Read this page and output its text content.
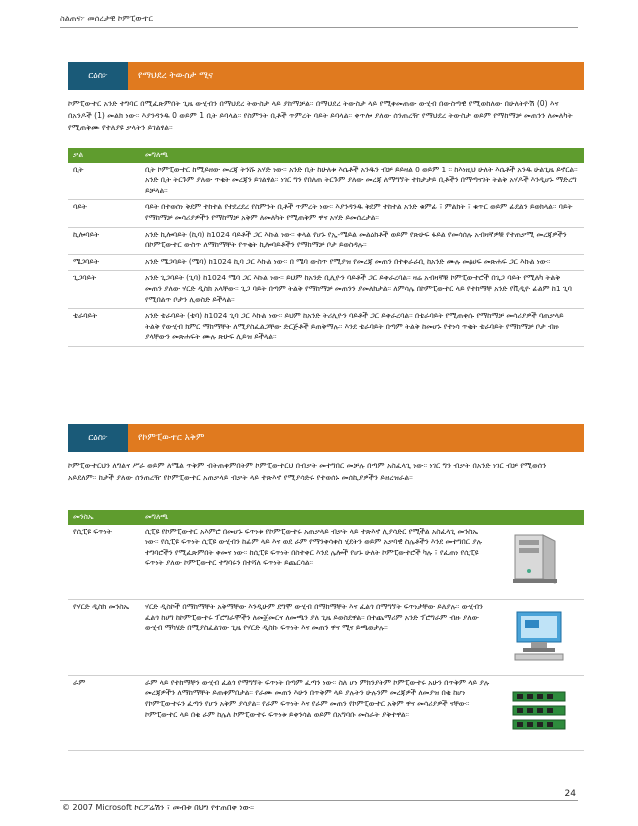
ስልጠና፦ መሰረታዊ ኮምፒውተር
ርዕስ፦	የማህደረ ትውስታ ሚና
ኮምፒውተር አንድ ተግባር በሚፈጽምበት ጊዜ ውሂብን በማህደረ ትውስታ ላይ ያከማቻል። በማህደረ ትውስታ ላይ የሚቀመጠው ውሂብ በውስጣዊ የሚወከለው በሁለትዮሽ (0) እና በአንዶች (1) መልክ ነው። እያንዳንዱ 0 ወይም 1 ቢት ይባላል። የስምንት ቢቶች ጥምረት ባይት ይባላል። ቀጥሎ ያለው ሰንጠረዥ የማህደረ ትውስታ ወይም የማከማቻ መጠንን ለመለካት የሚጠቅሙ የተለያዩ ቃላትን ይገልፃል።
ቃል	መግለጫ
ቢት	ቢት ኮምፒውተር ከሚይዘው መረጃ ትንሹ አሃድ ነው። አንድ ቢት ከሁለቱ እሴቶች አንዱን ብቻ ይይዛል 0 ወይም 1 ። ከእነዚህ ሁለት እሴቶች አንዱ ሁልጊዜ ይኖርል። አንድ ቢት ትርጉም ያለው ጥቂት መረጃን ይገልፃል። ነገር ግን የበለጠ ትርጉም ያለው መረጃ ለማግኘት ተከታታይ ቢቶችን በማጣናገት ትልቅ አሃዶች እንዲሆኑ ማድረግ ይቻላል።
ባይት	ባይት በተወሰነ ቅደም ተከተል የተደረደረ የስምንት ቢቶች ጥምረት ነው። እያንዳንዱ ቅደም ተከተል አንድ ቁምፊ ፣ ምልክት ፣ ቁጥር ወይም ፊደልን ይወክላል። ባይት የማከማቻ መሳሪያዎችን የማከማቻ አቅም ለመለካት የሚጠቅም ዋና አሃድ ይመሰረታል።
ኪሎባይት	አንድ ኪሎባይት (ኪባ) ከ1024 ባይቶች ጋር እኩል ነው። ቀላል የሆኑ የኢ-ሜይል መልዕክቶች ወይም የጽሁፍ ፋይል የመሳሰሉ አብዛኛዎቹ የተጠቃሚ መረጃዎችን በኮምፒውተር ውስጥ ለማከማቸት የጥቂት ኪሎባይቶችን የማከማቻ ቦታ ይወስዳሉ።
ሜጋባይት	አንድ ሜጋባይት (ሜባ) ከ1024 ኪባ ጋር እኩል ነው። በ ሜባ ውስጥ የሚያዝ የመረጃ መጠን በተቀራራቢ ከአንድ ሙሉ መፅሀፍ መጽሐፍ ጋር እኩል ነው።
ጊጋባይት	አንድ ጊጋባይት (ጊባ) ከ1024 ሜባ ጋር እኩል ነው። ይህም ከአንድ ቢሊዮን ባይቶች ጋር ይቀራረባል። ዛሬ አብዛኛቹ ኮምፒውተሮች በጊጋ ባይት የሚለካ ትልቅ መጠን ያለው ሃርድ ዲስክ አላቸው። ጊጋ ባይት በጣም ትልቅ የማከማቻ መጠንን ያመለክታል። ለምሳሌ በኮምፒውተር ላይ የተከማቸ አንድ የቪዲዮ ፊልም ከ1 ጊባ የሚበልጥ ቦታን ሊወስድ ይችላል።
ቴራባይት	አንድ ቴራባይት (ቴባ) ከ1024 ጊባ ጋር እኩል ነው። ይህም ከአንድ ትሪሊዮን ባይቶች ጋር ይቀራረባል። በቴራባይት የሚጠቀሱ የማከማቻ መሳሪያዎች ባጠቃላይ ትልቅ የውሂብ ክምር ማከማቸት ለሚያስፈልጋቸው ድርጅቶች ይጠቅማሉ። እንደ ቴራባይት በጣም ትልቅ ከመሆኑ የተነሳ ጥቂት ቴራባይት የማከማቻ ቦታ ብዙ ያላቸውን መጽሐፍት ሙሉ ጽሁፍ ሊይዝ ይችላል።
ርዕስ፦	የኮምፒውተር አቅም
ኮምፒውተርህን ለግልና ሥራ ወይም ለሜል ጥቅም ብትጠቀምበትም ኮምፒውተርህ በብቃት መተግበር መቻሉ በጣም አስፈላጊ ነው። ነገር ግን ብቃት በአንድ ነገር ብቻ የሚወሰን አይደለም። ከታች ያለው ሰንጠረዥ የኮምፒውተር አጠቃላይ ብቃት ላይ ተጽእኖ የሚያሳድሩ የተወሰኑ መሰኪያዎችን ይዘረዝራል።
መንስኤ	መግለጫ	
የሲፒዩ ፍጥነት	ሲፒዩ የኮምፒውተር አእምሮ በመሆኑ ፍጥነቱ የኮምፒውተሩ አጠቃላይ ብቃት ላይ ተጽእኖ ሊያሳድር የሚችል አስፈላጊ መንስኤ ነው። የሲፒዩ ፍጥነት ሲፒዩ ውሂብን ከፊም ላይ እና ወደ ራም የማንቀሳቀስ ሂደትን ወይም አቃባዊ ስሌቶችን እንደ መተግበር ያሉ ተግባሮችን የሚፈጽምበት ቀመና ነው። ከሲፒዩ ፍጥነት በስተቀር እንደ ሌሎች የሆኑ ሁለት ኮምፒውተሮች ካሉ ፣ የፈጠነ የሲፒዩ ፍጥነት ያለው ኮምፒውተር ተግባሩን በተሻለ ፍጥነት ይጨርሳል።	
የሃርድ ዲስክ መንስኤ	ሃርድ ዲስኮች በማከማቸት አቅማቸው እንዲሁም ደግሞ ውሂብ በማከማቸት እና ፈልጎ በማግኘት ፍጥነታቸው ይለያሉ። ውሂብን ፈልጎ ከሀግ ከኮምፒውተሩ ፕሮግራሞችን ለመጀመርና ለመጫን ያለ ጊዜ ይወስደዋል። በተጨማሪም አንድ ፕሮግራም ብዙ ያለው ውሂብ ማካሄድ በሚያስፈልገው ጊዜ የሃርድ ዲስኩ ፍጥነት እና መጠን ዋና ሚና ይጫወታሉ።	
ራም	ራም ላይ የተከማቸን ውሂብ ፈልጎ የማግኘት ፍጥነት በጣም ፈጣን ነው። ስለ ሆነ ምክንያትም ኮምፒውተሩ አሁን በጥቅም ላይ ያሉ መረጃዎችን ለማከማቸት ይጠቀምበታል። የራሙ መጠን እሁን በጥቅም ላይ ያሉትን ሁሉንም መረጃዎች ለመያዝ በቂ ከሆነ የኮምፒውተሩን ፈጣን የሆን አቅም ያሳያል። የራም ፍጥነት እና የራም መጠን የኮምፒውተር አቅም ዋና መሳሪያዎች ናቸው። ኮምፒውተር ላይ በቂ ራም ከሌለ ኮምፒውተሩ ፍጥነቱ ይቀንሳል ወይም በአግባቡ መስራት ያቅተዋል።	
24
© 2007 Microsoft ኮርፖሬሽን ፣ መብቱ በህግ የተጠበቀ ነው።
